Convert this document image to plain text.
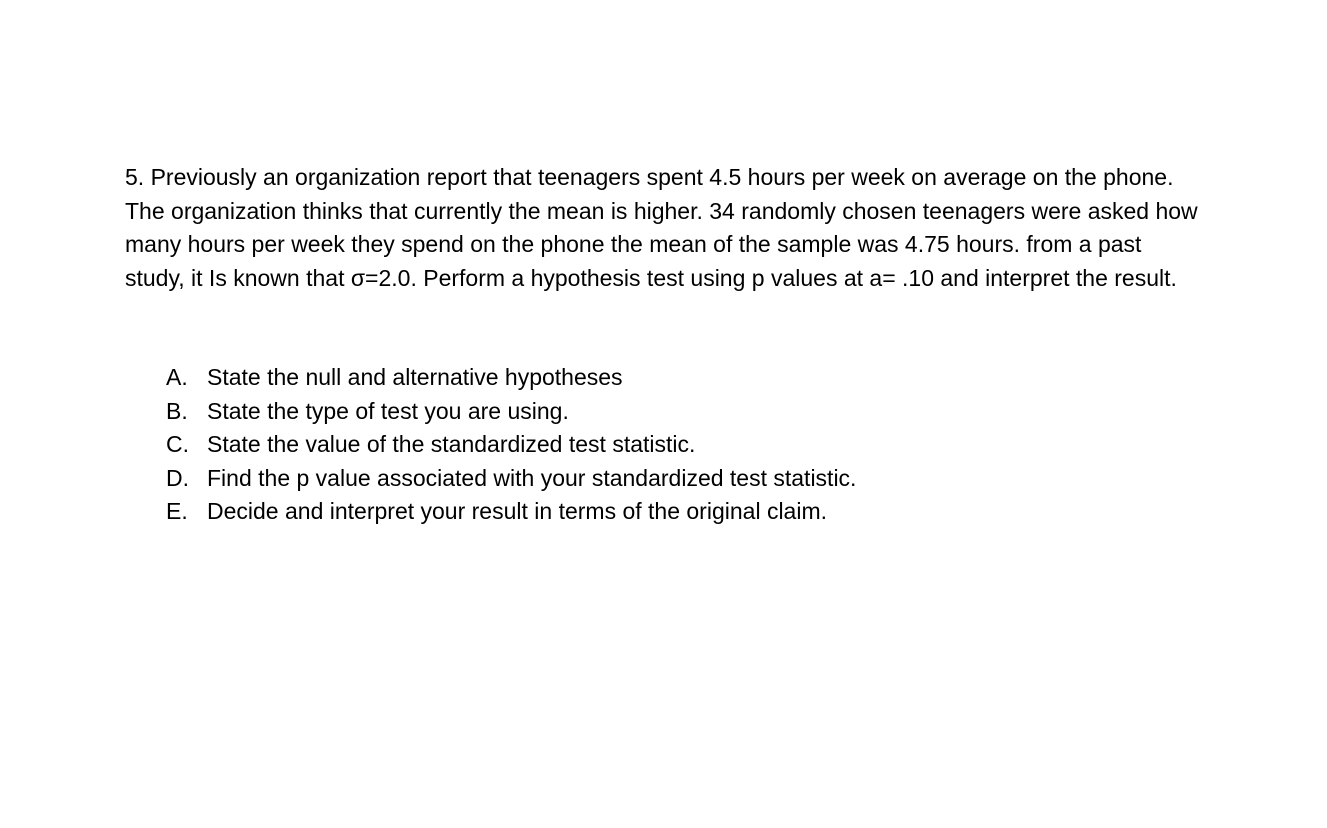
5. Previously an organization report that teenagers spent 4.5 hours per week on average on the phone. The organization thinks that currently the mean is higher. 34 randomly chosen teenagers were asked how many hours per week they spend on the phone the mean of the sample was 4.75 hours. from a past study, it Is known that σ=2.0. Perform a hypothesis test using p values at a= .10 and interpret the result.
A. State the null and alternative hypotheses
B. State the type of test you are using.
C. State the value of the standardized test statistic.
D. Find the p value associated with your standardized test statistic.
E. Decide and interpret your result in terms of the original claim.
